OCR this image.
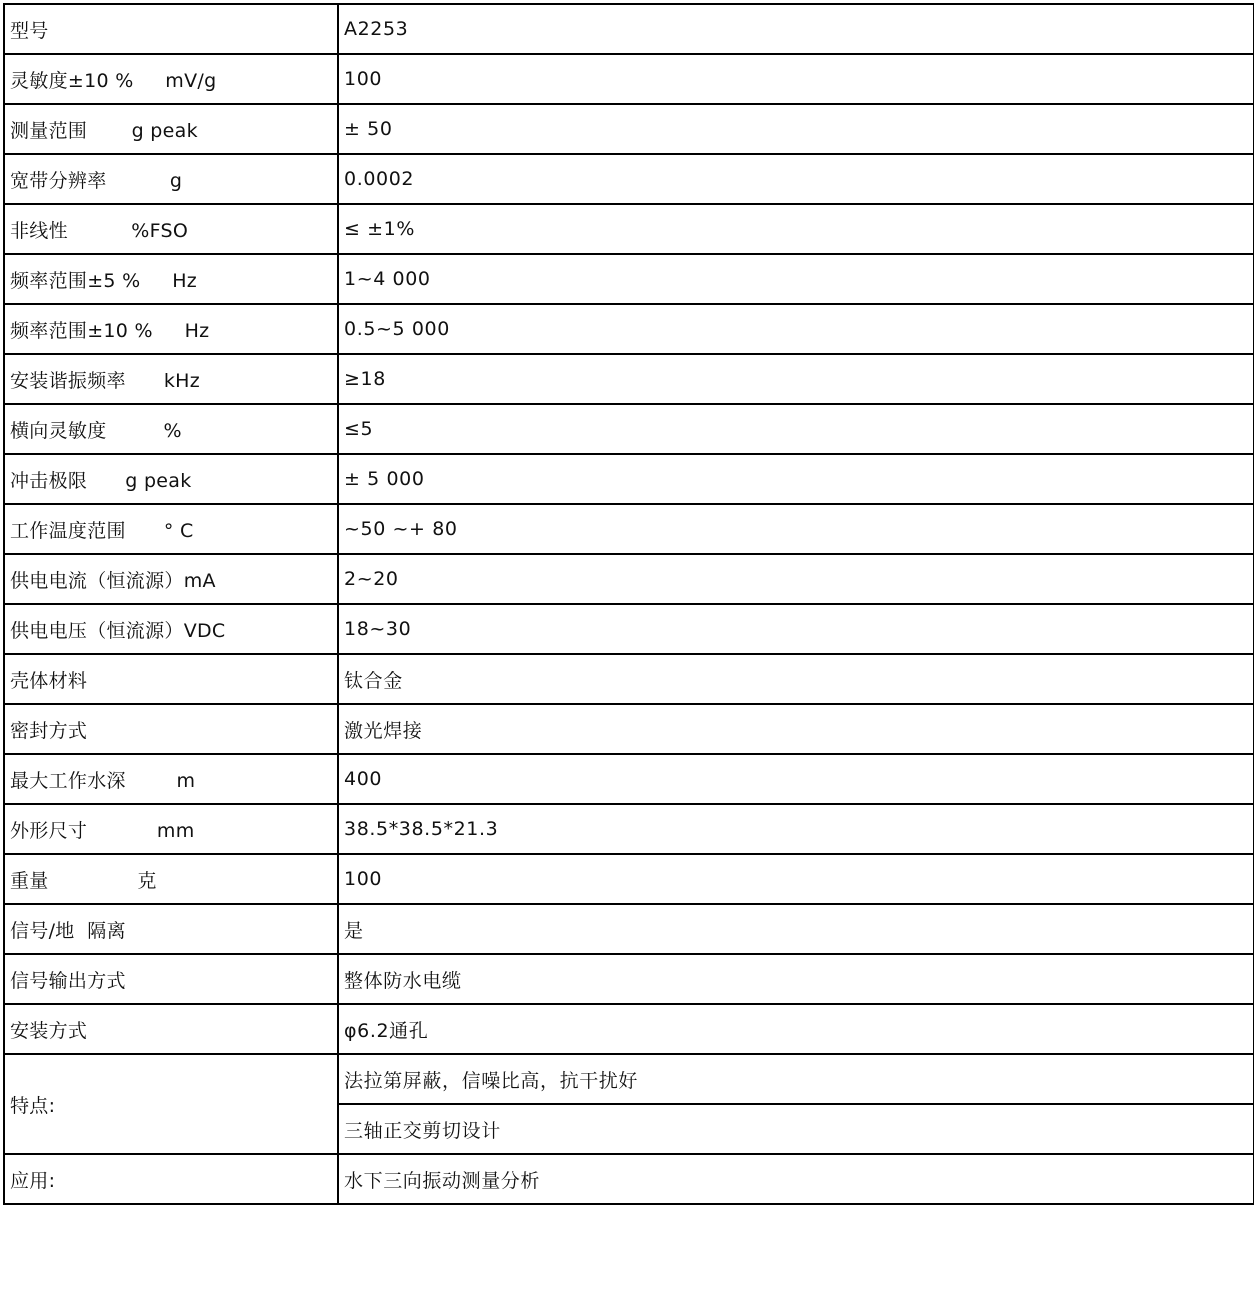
型号	A2253
灵敏度±10 %     mV/g	100
测量范围       g peak	± 50
宽带分辨率          g	0.0002
非线性          %FSO	≤ ±1%
频率范围±5 %     Hz	1~4 000
频率范围±10 %     Hz	0.5~5 000
安装谐振频率      kHz	≥18
横向灵敏度         %	≤5
冲击极限      g peak	± 5 000
工作温度范围      ° C	~50 ~+ 80
供电电流（恒流源）mA	2~20
供电电压（恒流源）VDC	18~30
壳体材料	钛合金
密封方式	激光焊接
最大工作水深        m	400
外形尺寸           mm	38.5*38.5*21.3
重量              克	100
信号/地  隔离	是
信号输出方式	整体防水电缆
安装方式	φ6.2通孔
特点:	法拉第屏蔽，信噪比高，抗干扰好
	三轴正交剪切设计
应用:	水下三向振动测量分析
